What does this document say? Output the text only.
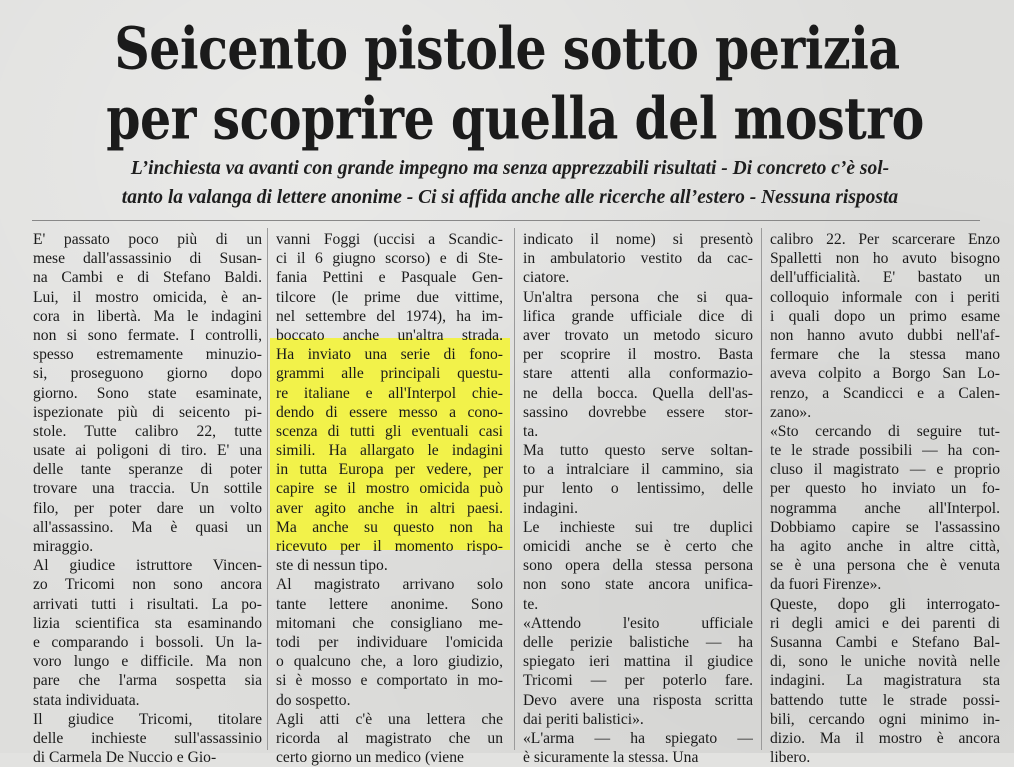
Seicento pistole sotto perizia
per scoprire quella del mostro
L’inchiesta va avanti con grande impegno ma senza apprezzabili risultati - Di concreto c’è sol-
tanto la valanga di lettere anonime - Ci si affida anche alle ricerche all’estero - Nessuna risposta
E' passato poco più di un
mese dall'assassinio di Susan-
na Cambi e di Stefano Baldi.
Lui, il mostro omicida, è an-
cora in libertà. Ma le indagini
non si sono fermate. I controlli,
spesso estremamente minuzio-
si, proseguono giorno dopo
giorno. Sono state esaminate,
ispezionate più di seicento pi-
stole. Tutte calibro 22, tutte
usate ai poligoni di tiro. E' una
delle tante speranze di poter
trovare una traccia. Un sottile
filo, per poter dare un volto
all'assassino. Ma è quasi un
miraggio.
Al giudice istruttore Vincen-
zo Tricomi non sono ancora
arrivati tutti i risultati. La po-
lizia scientifica sta esaminando
e comparando i bossoli. Un la-
voro lungo e difficile. Ma non
pare che l'arma sospetta sia
stata individuata.
Il giudice Tricomi, titolare
delle inchieste sull'assassinio
di Carmela De Nuccio e Gio-
vanni Foggi (uccisi a Scandic-
ci il 6 giugno scorso) e di Ste-
fania Pettini e Pasquale Gen-
tilcore (le prime due vittime,
nel settembre del 1974), ha im-
boccato anche un'altra strada.
Ha inviato una serie di fono-
grammi alle principali questu-
re italiane e all'Interpol chie-
dendo di essere messo a cono-
scenza di tutti gli eventuali casi
simili. Ha allargato le indagini
in tutta Europa per vedere, per
capire se il mostro omicida può
aver agito anche in altri paesi.
Ma anche su questo non ha
ricevuto per il momento rispo-
ste di nessun tipo.
Al magistrato arrivano solo
tante lettere anonime. Sono
mitomani che consigliano me-
todi per individuare l'omicida
o qualcuno che, a loro giudizio,
si è mosso e comportato in mo-
do sospetto.
Agli atti c'è una lettera che
ricorda al magistrato che un
certo giorno un medico (viene
indicato il nome) si presentò
in ambulatorio vestito da cac-
ciatore.
Un'altra persona che si qua-
lifica grande ufficiale dice di
aver trovato un metodo sicuro
per scoprire il mostro. Basta
stare attenti alla conformazio-
ne della bocca. Quella dell'as-
sassino dovrebbe essere stor-
ta.
Ma tutto questo serve soltan-
to a intralciare il cammino, sia
pur lento o lentissimo, delle
indagini.
Le inchieste sui tre duplici
omicidi anche se è certo che
sono opera della stessa persona
non sono state ancora unifica-
te.
«Attendo l'esito ufficiale
delle perizie balistiche — ha
spiegato ieri mattina il giudice
Tricomi — per poterlo fare.
Devo avere una risposta scritta
dai periti balistici».
«L'arma — ha spiegato —
è sicuramente la stessa. Una
calibro 22. Per scarcerare Enzo
Spalletti non ho avuto bisogno
dell'ufficialità. E' bastato un
colloquio informale con i periti
i quali dopo un primo esame
non hanno avuto dubbi nell'af-
fermare che la stessa mano
aveva colpito a Borgo San Lo-
renzo, a Scandicci e a Calen-
zano».
«Sto cercando di seguire tut-
te le strade possibili — ha con-
cluso il magistrato — e proprio
per questo ho inviato un fo-
nogramma anche all'Interpol.
Dobbiamo capire se l'assassino
ha agito anche in altre città,
se è una persona che è venuta
da fuori Firenze».
Queste, dopo gli interrogato-
ri degli amici e dei parenti di
Susanna Cambi e Stefano Bal-
di, sono le uniche novità nelle
indagini. La magistratura sta
battendo tutte le strade possi-
bili, cercando ogni minimo in-
dizio. Ma il mostro è ancora
libero.
